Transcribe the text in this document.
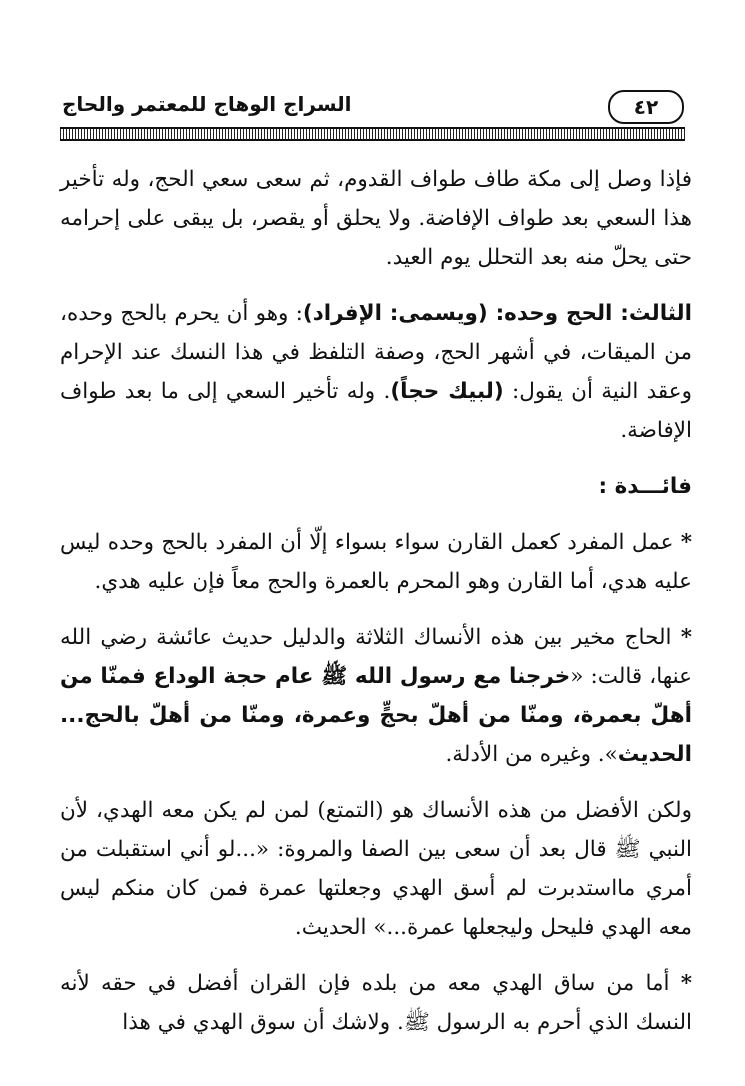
٤٢
السراج الوهاج للمعتمر والحاج

فإذا وصل إلى مكة طاف طواف القدوم، ثم سعى سعي الحج، وله تأخير هذا السعي بعد طواف الإفاضة. ولا يحلق أو يقصر، بل يبقى على إحرامه حتى يحلّ منه بعد التحلل يوم العيد.

الثالث: الحج وحده: (ويسمى: الإفراد): وهو أن يحرم بالحج وحده، من الميقات، في أشهر الحج، وصفة التلفظ في هذا النسك عند الإحرام وعقد النية أن يقول: (لبيك حجاً). وله تأخير السعي إلى ما بعد طواف الإفاضة.

فائـــدة :

* عمل المفرد كعمل القارن سواء بسواء إلّا أن المفرد بالحج وحده ليس عليه هدي، أما القارن وهو المحرم بالعمرة والحج معاً فإن عليه هدي.

* الحاج مخير بين هذه الأنساك الثلاثة والدليل حديث عائشة رضي الله عنها، قالت: «خرجنا مع رسول الله ﷺ عام حجة الوداع فمنّا من أهلّ بعمرة، ومنّا من أهلّ بحجٍّ وعمرة، ومنّا من أهلّ بالحج... الحديث». وغيره من الأدلة.

ولكن الأفضل من هذه الأنساك هو (التمتع) لمن لم يكن معه الهدي، لأن النبي ﷺ قال بعد أن سعى بين الصفا والمروة: «...لو أني استقبلت من أمري مااستدبرت لم أسق الهدي وجعلتها عمرة فمن كان منكم ليس معه الهدي فليحل وليجعلها عمرة...» الحديث.

* أما من ساق الهدي معه من بلده فإن القران أفضل في حقه لأنه النسك الذي أحرم به الرسول ﷺ. ولاشك أن سوق الهدي في هذا
